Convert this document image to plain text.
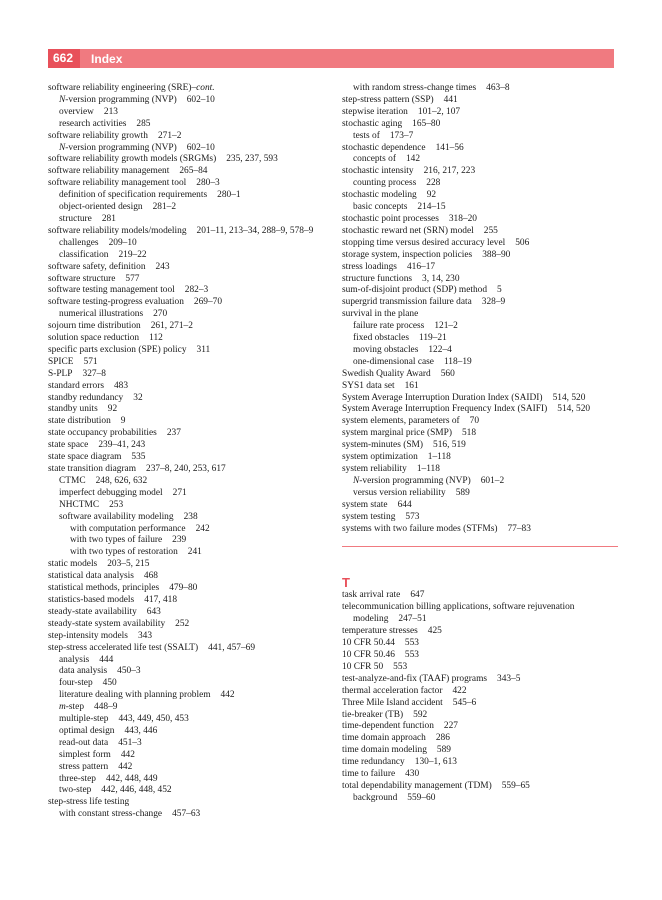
662	Index
software reliability engineering (SRE)–cont.
N-version programming (NVP) 602–10
overview 213
research activities 285
software reliability growth 271–2
N-version programming (NVP) 602–10
software reliability growth models (SRGMs) 235, 237, 593
software reliability management 265–84
software reliability management tool 280–3
definition of specification requirements 280–1
object-oriented design 281–2
structure 281
software reliability models/modeling 201–11, 213–34, 288–9, 578–9
challenges 209–10
classification 219–22
software safety, definition 243
software structure 577
software testing management tool 282–3
software testing-progress evaluation 269–70
numerical illustrations 270
sojourn time distribution 261, 271–2
solution space reduction 112
specific parts exclusion (SPE) policy 311
SPICE 571
S-PLP 327–8
standard errors 483
standby redundancy 32
standby units 92
state distribution 9
state occupancy probabilities 237
state space 239–41, 243
state space diagram 535
state transition diagram 237–8, 240, 253, 617
CTMC 248, 626, 632
imperfect debugging model 271
NHCTMC 253
software availability modeling 238
with computation performance 242
with two types of failure 239
with two types of restoration 241
static models 203–5, 215
statistical data analysis 468
statistical methods, principles 479–80
statistics-based models 417, 418
steady-state availability 643
steady-state system availability 252
step-intensity models 343
step-stress accelerated life test (SSALT) 441, 457–69
analysis 444
data analysis 450–3
four-step 450
literature dealing with planning problem 442
m-step 448–9
multiple-step 443, 449, 450, 453
optimal design 443, 446
read-out data 451–3
simplest form 442
stress pattern 442
three-step 442, 448, 449
two-step 442, 446, 448, 452
step-stress life testing
with constant stress-change 457–63
with random stress-change times 463–8
step-stress pattern (SSP) 441
stepwise iteration 101–2, 107
stochastic aging 165–80
tests of 173–7
stochastic dependence 141–56
concepts of 142
stochastic intensity 216, 217, 223
counting process 228
stochastic modeling 92
basic concepts 214–15
stochastic point processes 318–20
stochastic reward net (SRN) model 255
stopping time versus desired accuracy level 506
storage system, inspection policies 388–90
stress loadings 416–17
structure functions 3, 14, 230
sum-of-disjoint product (SDP) method 5
supergrid transmission failure data 328–9
survival in the plane
failure rate process 121–2
fixed obstacles 119–21
moving obstacles 122–4
one-dimensional case 118–19
Swedish Quality Award 560
SYS1 data set 161
System Average Interruption Duration Index (SAIDI) 514, 520
System Average Interruption Frequency Index (SAIFI) 514, 520
system elements, parameters of 70
system marginal price (SMP) 518
system-minutes (SM) 516, 519
system optimization 1–118
system reliability 1–118
N-version programming (NVP) 601–2
versus version reliability 589
system state 644
system testing 573
systems with two failure modes (STFMs) 77–83
T
task arrival rate 647
telecommunication billing applications, software rejuvenation modeling 247–51
temperature stresses 425
10 CFR 50.44 553
10 CFR 50.46 553
10 CFR 50 553
test-analyze-and-fix (TAAF) programs 343–5
thermal acceleration factor 422
Three Mile Island accident 545–6
tie-breaker (TB) 592
time-dependent function 227
time domain approach 286
time domain modeling 589
time redundancy 130–1, 613
time to failure 430
total dependability management (TDM) 559–65
background 559–60
